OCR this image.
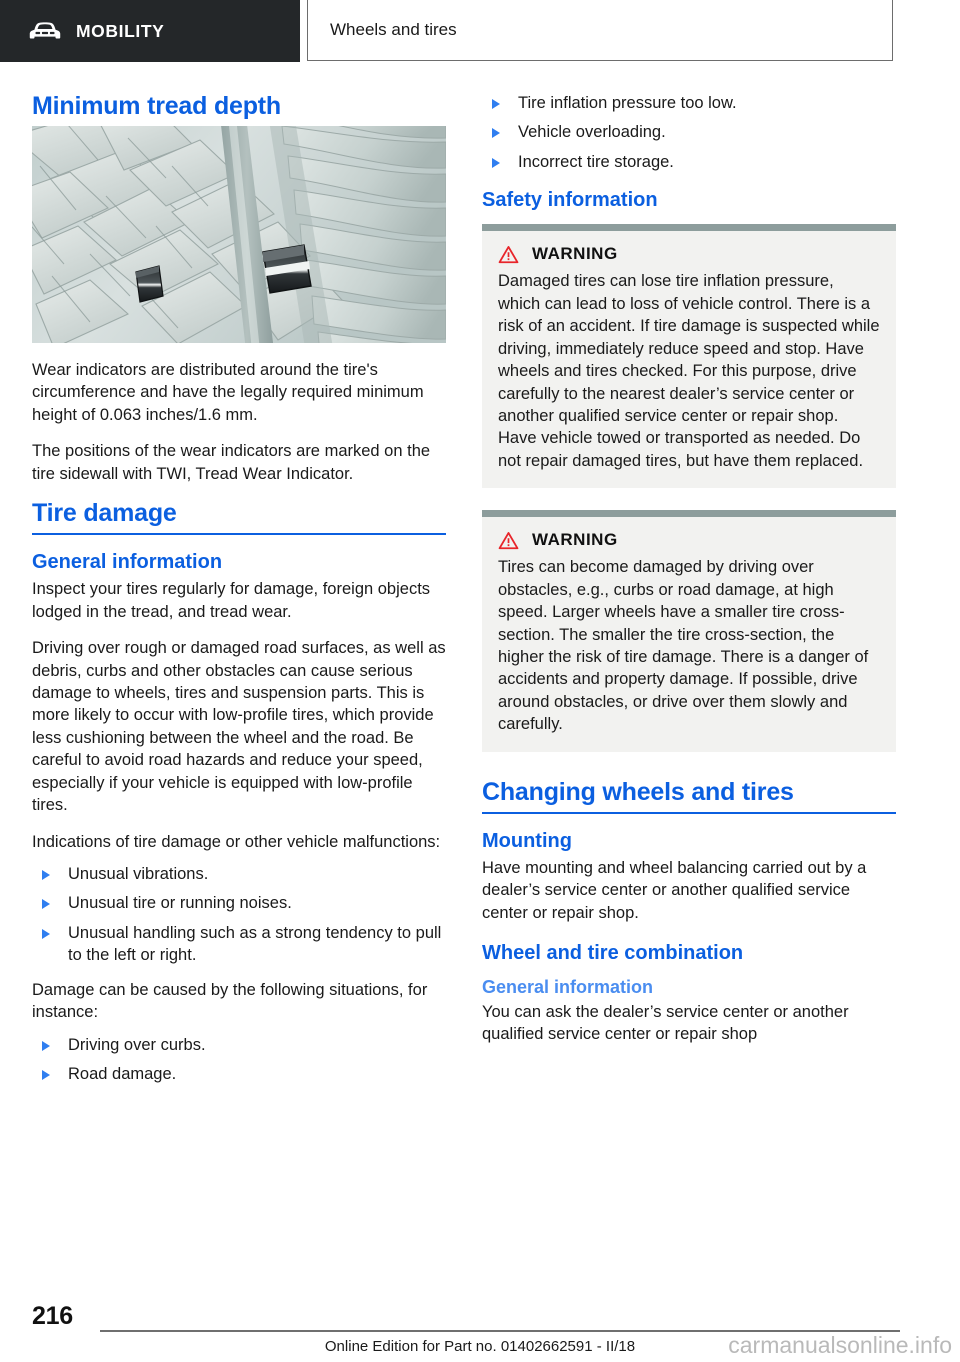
MOBILITY	Wheels and tires
Minimum tread depth

Wear indicators are distributed around the tire's circumference and have the legally required minimum height of 0.063 inches/1.6 mm.

The positions of the wear indicators are marked on the tire sidewall with TWI, Tread Wear Indicator.

Tire damage
General information

Inspect your tires regularly for damage, foreign objects lodged in the tread, and tread wear.

Driving over rough or damaged road surfaces, as well as debris, curbs and other obstacles can cause serious damage to wheels, tires and suspension parts. This is more likely to occur with low-profile tires, which provide less cushioning between the wheel and the road. Be careful to avoid road hazards and reduce your speed, especially if your vehicle is equipped with low-profile tires.

Indications of tire damage or other vehicle malfunctions:

Unusual vibrations.
Unusual tire or running noises.
Unusual handling such as a strong tendency to pull to the left or right.

Damage can be caused by the following situations, for instance:

Driving over curbs.
Road damage.
Tire inflation pressure too low.
Vehicle overloading.
Incorrect tire storage.
Safety information
WARNING

Damaged tires can lose tire inflation pressure, which can lead to loss of vehicle control. There is a risk of an accident. If tire damage is suspected while driving, immediately reduce speed and stop. Have wheels and tires checked. For this purpose, drive carefully to the nearest dealer’s service center or another qualified service center or repair shop. Have vehicle towed or transported as needed. Do not repair damaged tires, but have them replaced.

WARNING

Tires can become damaged by driving over obstacles, e.g., curbs or road damage, at high speed. Larger wheels have a smaller tire cross-section. The smaller the tire cross-section, the higher the risk of tire damage. There is a danger of accidents and property damage. If possible, drive around obstacles, or drive over them slowly and carefully.

Changing wheels and tires
Mounting

Have mounting and wheel balancing carried out by a dealer’s service center or another qualified service center or repair shop.

Wheel and tire combination
General information

You can ask the dealer’s service center or another qualified service center or repair shop

216
Online Edition for Part no. 01402662591 - II/18	carmanualsonline.info
